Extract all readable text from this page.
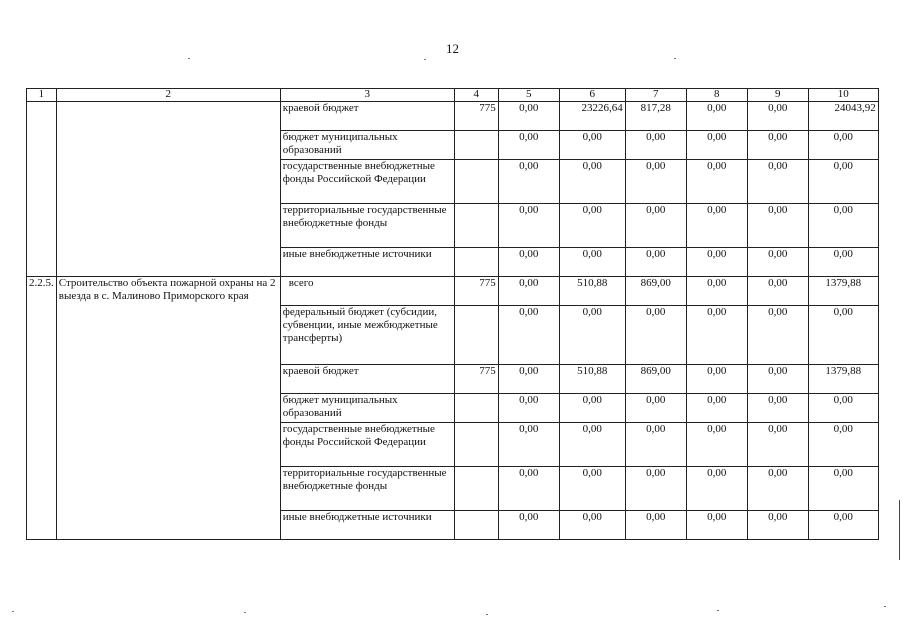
12
1	2	3	4	5	6	7	8	9	10
		краевой бюджет	775	0,00	23226,64	817,28	0,00	0,00	24043,92
		бюджет муниципальных образований		0,00	0,00	0,00	0,00	0,00	0,00
		государственные внебюджетные фонды Российской Федерации		0,00	0,00	0,00	0,00	0,00	0,00
		территориальные государственные внебюджетные фонды		0,00	0,00	0,00	0,00	0,00	0,00
		иные внебюджетные источники		0,00	0,00	0,00	0,00	0,00	0,00
2.2.5.	Строительство объекта пожарной охраны на 2 выезда в с. Малиново Приморского края	всего	775	0,00	510,88	869,00	0,00	0,00	1379,88
		федеральный бюджет (субсидии, субвенции, иные межбюджетные трансферты)		0,00	0,00	0,00	0,00	0,00	0,00
		краевой бюджет	775	0,00	510,88	869,00	0,00	0,00	1379,88
		бюджет муниципальных образований		0,00	0,00	0,00	0,00	0,00	0,00
		государственные внебюджетные фонды Российской Федерации		0,00	0,00	0,00	0,00	0,00	0,00
		территориальные государственные внебюджетные фонды		0,00	0,00	0,00	0,00	0,00	0,00
		иные внебюджетные источники		0,00	0,00	0,00	0,00	0,00	0,00
